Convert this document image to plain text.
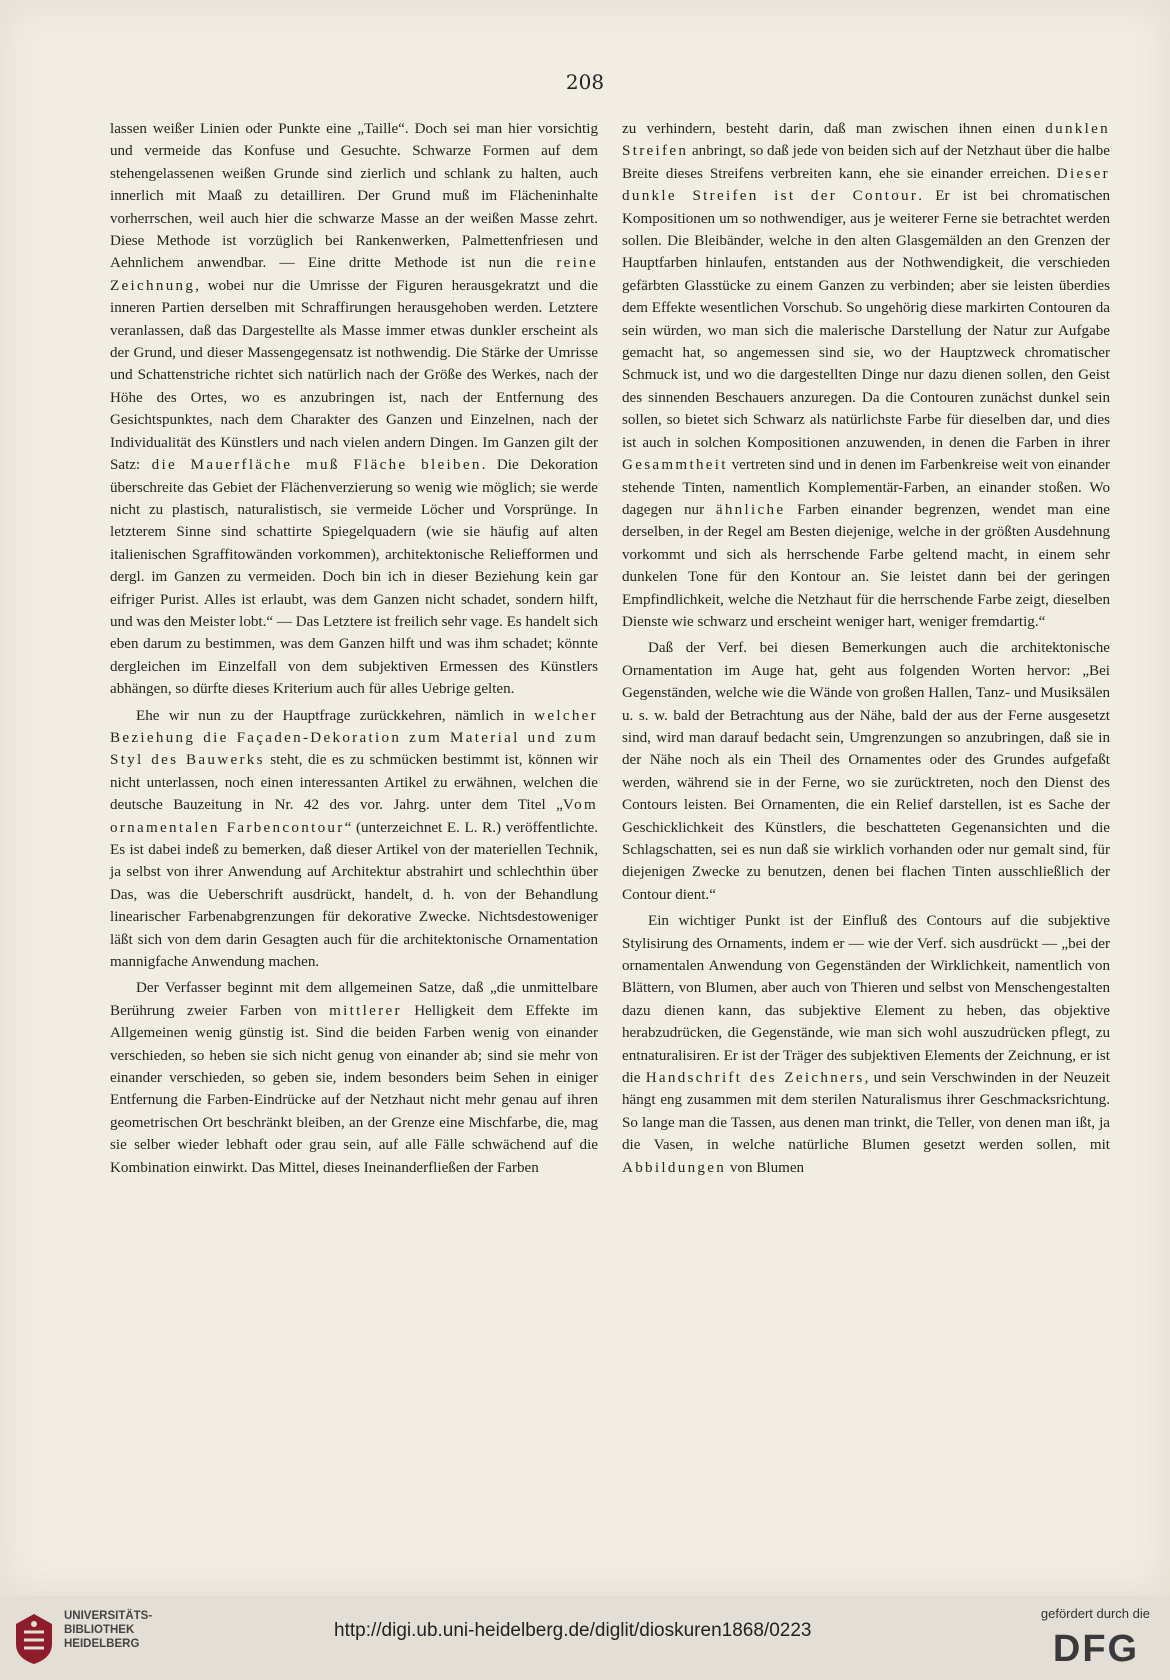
208

lassen weißer Linien oder Punkte eine „Taille“. Doch sei man hier vorsichtig und vermeide das Konfuse und Gesuchte. Schwarze Formen auf dem stehengelassenen weißen Grunde sind zierlich und schlank zu halten, auch innerlich mit Maaß zu detailliren. Der Grund muß im Flächeninhalte vorherrschen, weil auch hier die schwarze Masse an der weißen Masse zehrt. Diese Methode ist vorzüglich bei Rankenwerken, Palmettenfriesen und Aehnlichem anwendbar. — Eine dritte Methode ist nun die reine Zeichnung, wobei nur die Umrisse der Figuren herausgekratzt und die inneren Partien derselben mit Schraffirungen herausgehoben werden. Letztere veranlassen, daß das Dargestellte als Masse immer etwas dunkler erscheint als der Grund, und dieser Massengegensatz ist nothwendig. Die Stärke der Umrisse und Schattenstriche richtet sich natürlich nach der Größe des Werkes, nach der Höhe des Ortes, wo es anzubringen ist, nach der Entfernung des Gesichtspunktes, nach dem Charakter des Ganzen und Einzelnen, nach der Individualität des Künstlers und nach vielen andern Dingen. Im Ganzen gilt der Satz: die Mauerfläche muß Fläche bleiben. Die Dekoration überschreite das Gebiet der Flächenverzierung so wenig wie möglich; sie werde nicht zu plastisch, naturalistisch, sie vermeide Löcher und Vorsprünge. In letzterem Sinne sind schattirte Spiegelquadern (wie sie häufig auf alten italienischen Sgraffitowänden vorkommen), architektonische Reliefformen und dergl. im Ganzen zu vermeiden. Doch bin ich in dieser Beziehung kein gar eifriger Purist. Alles ist erlaubt, was dem Ganzen nicht schadet, sondern hilft, und was den Meister lobt.“ — Das Letztere ist freilich sehr vage. Es handelt sich eben darum zu bestimmen, was dem Ganzen hilft und was ihm schadet; könnte dergleichen im Einzelfall von dem subjektiven Ermessen des Künstlers abhängen, so dürfte dieses Kriterium auch für alles Uebrige gelten.

Ehe wir nun zu der Hauptfrage zurückkehren, nämlich in welcher Beziehung die Façaden-Dekoration zum Material und zum Styl des Bauwerks steht, die es zu schmücken bestimmt ist, können wir nicht unterlassen, noch einen interessanten Artikel zu erwähnen, welchen die deutsche Bauzeitung in Nr. 42 des vor. Jahrg. unter dem Titel „Vom ornamentalen Farbencontour“ (unterzeichnet E. L. R.) veröffentlichte. Es ist dabei indeß zu bemerken, daß dieser Artikel von der materiellen Technik, ja selbst von ihrer Anwendung auf Architektur abstrahirt und schlechthin über Das, was die Ueberschrift ausdrückt, handelt, d. h. von der Behandlung linearischer Farbenabgrenzungen für dekorative Zwecke. Nichtsdestoweniger läßt sich von dem darin Gesagten auch für die architektonische Ornamentation mannigfache Anwendung machen.

Der Verfasser beginnt mit dem allgemeinen Satze, daß „die unmittelbare Berührung zweier Farben von mittlerer Helligkeit dem Effekte im Allgemeinen wenig günstig ist. Sind die beiden Farben wenig von einander verschieden, so heben sie sich nicht genug von einander ab; sind sie mehr von einander verschieden, so geben sie, indem besonders beim Sehen in einiger Entfernung die Farben-Eindrücke auf der Netzhaut nicht mehr genau auf ihren geometrischen Ort beschränkt bleiben, an der Grenze eine Mischfarbe, die, mag sie selber wieder lebhaft oder grau sein, auf alle Fälle schwächend auf die Kombination einwirkt. Das Mittel, dieses Ineinanderfließen der Farben

zu verhindern, besteht darin, daß man zwischen ihnen einen dunklen Streifen anbringt, so daß jede von beiden sich auf der Netzhaut über die halbe Breite dieses Streifens verbreiten kann, ehe sie einander erreichen. Dieser dunkle Streifen ist der Contour. Er ist bei chromatischen Kompositionen um so nothwendiger, aus je weiterer Ferne sie betrachtet werden sollen. Die Bleibänder, welche in den alten Glasgemälden an den Grenzen der Hauptfarben hinlaufen, entstanden aus der Nothwendigkeit, die verschieden gefärbten Glasstücke zu einem Ganzen zu verbinden; aber sie leisten überdies dem Effekte wesentlichen Vorschub. So ungehörig diese markirten Contouren da sein würden, wo man sich die malerische Darstellung der Natur zur Aufgabe gemacht hat, so angemessen sind sie, wo der Hauptzweck chromatischer Schmuck ist, und wo die dargestellten Dinge nur dazu dienen sollen, den Geist des sinnenden Beschauers anzuregen. Da die Contouren zunächst dunkel sein sollen, so bietet sich Schwarz als natürlichste Farbe für dieselben dar, und dies ist auch in solchen Kompositionen anzuwenden, in denen die Farben in ihrer Gesammtheit vertreten sind und in denen im Farbenkreise weit von einander stehende Tinten, namentlich Komplementär-Farben, an einander stoßen. Wo dagegen nur ähnliche Farben einander begrenzen, wendet man eine derselben, in der Regel am Besten diejenige, welche in der größten Ausdehnung vorkommt und sich als herrschende Farbe geltend macht, in einem sehr dunkelen Tone für den Kontour an. Sie leistet dann bei der geringen Empfindlichkeit, welche die Netzhaut für die herrschende Farbe zeigt, dieselben Dienste wie schwarz und erscheint weniger hart, weniger fremdartig.“

Daß der Verf. bei diesen Bemerkungen auch die architektonische Ornamentation im Auge hat, geht aus folgenden Worten hervor: „Bei Gegenständen, welche wie die Wände von großen Hallen, Tanz- und Musiksälen u. s. w. bald der Betrachtung aus der Nähe, bald der aus der Ferne ausgesetzt sind, wird man darauf bedacht sein, Umgrenzungen so anzubringen, daß sie in der Nähe noch als ein Theil des Ornamentes oder des Grundes aufgefaßt werden, während sie in der Ferne, wo sie zurücktreten, noch den Dienst des Contours leisten. Bei Ornamenten, die ein Relief darstellen, ist es Sache der Geschicklichkeit des Künstlers, die beschatteten Gegenansichten und die Schlagschatten, sei es nun daß sie wirklich vorhanden oder nur gemalt sind, für diejenigen Zwecke zu benutzen, denen bei flachen Tinten ausschließlich der Contour dient.“

Ein wichtiger Punkt ist der Einfluß des Contours auf die subjektive Stylisirung des Ornaments, indem er — wie der Verf. sich ausdrückt — „bei der ornamentalen Anwendung von Gegenständen der Wirklichkeit, namentlich von Blättern, von Blumen, aber auch von Thieren und selbst von Menschengestalten dazu dienen kann, das subjektive Element zu heben, das objektive herabzudrücken, die Gegenstände, wie man sich wohl auszudrücken pflegt, zu entnaturalisiren. Er ist der Träger des subjektiven Elements der Zeichnung, er ist die Handschrift des Zeichners, und sein Verschwinden in der Neuzeit hängt eng zusammen mit dem sterilen Naturalismus ihrer Geschmacksrichtung. So lange man die Tassen, aus denen man trinkt, die Teller, von denen man ißt, ja die Vasen, in welche natürliche Blumen gesetzt werden sollen, mit Abbildungen von Blumen

UNIVERSITÄTS-
BIBLIOTHEK
HEIDELBERG
http://digi.ub.uni-heidelberg.de/diglit/dioskuren1868/0223
gefördert durch die
DFG
